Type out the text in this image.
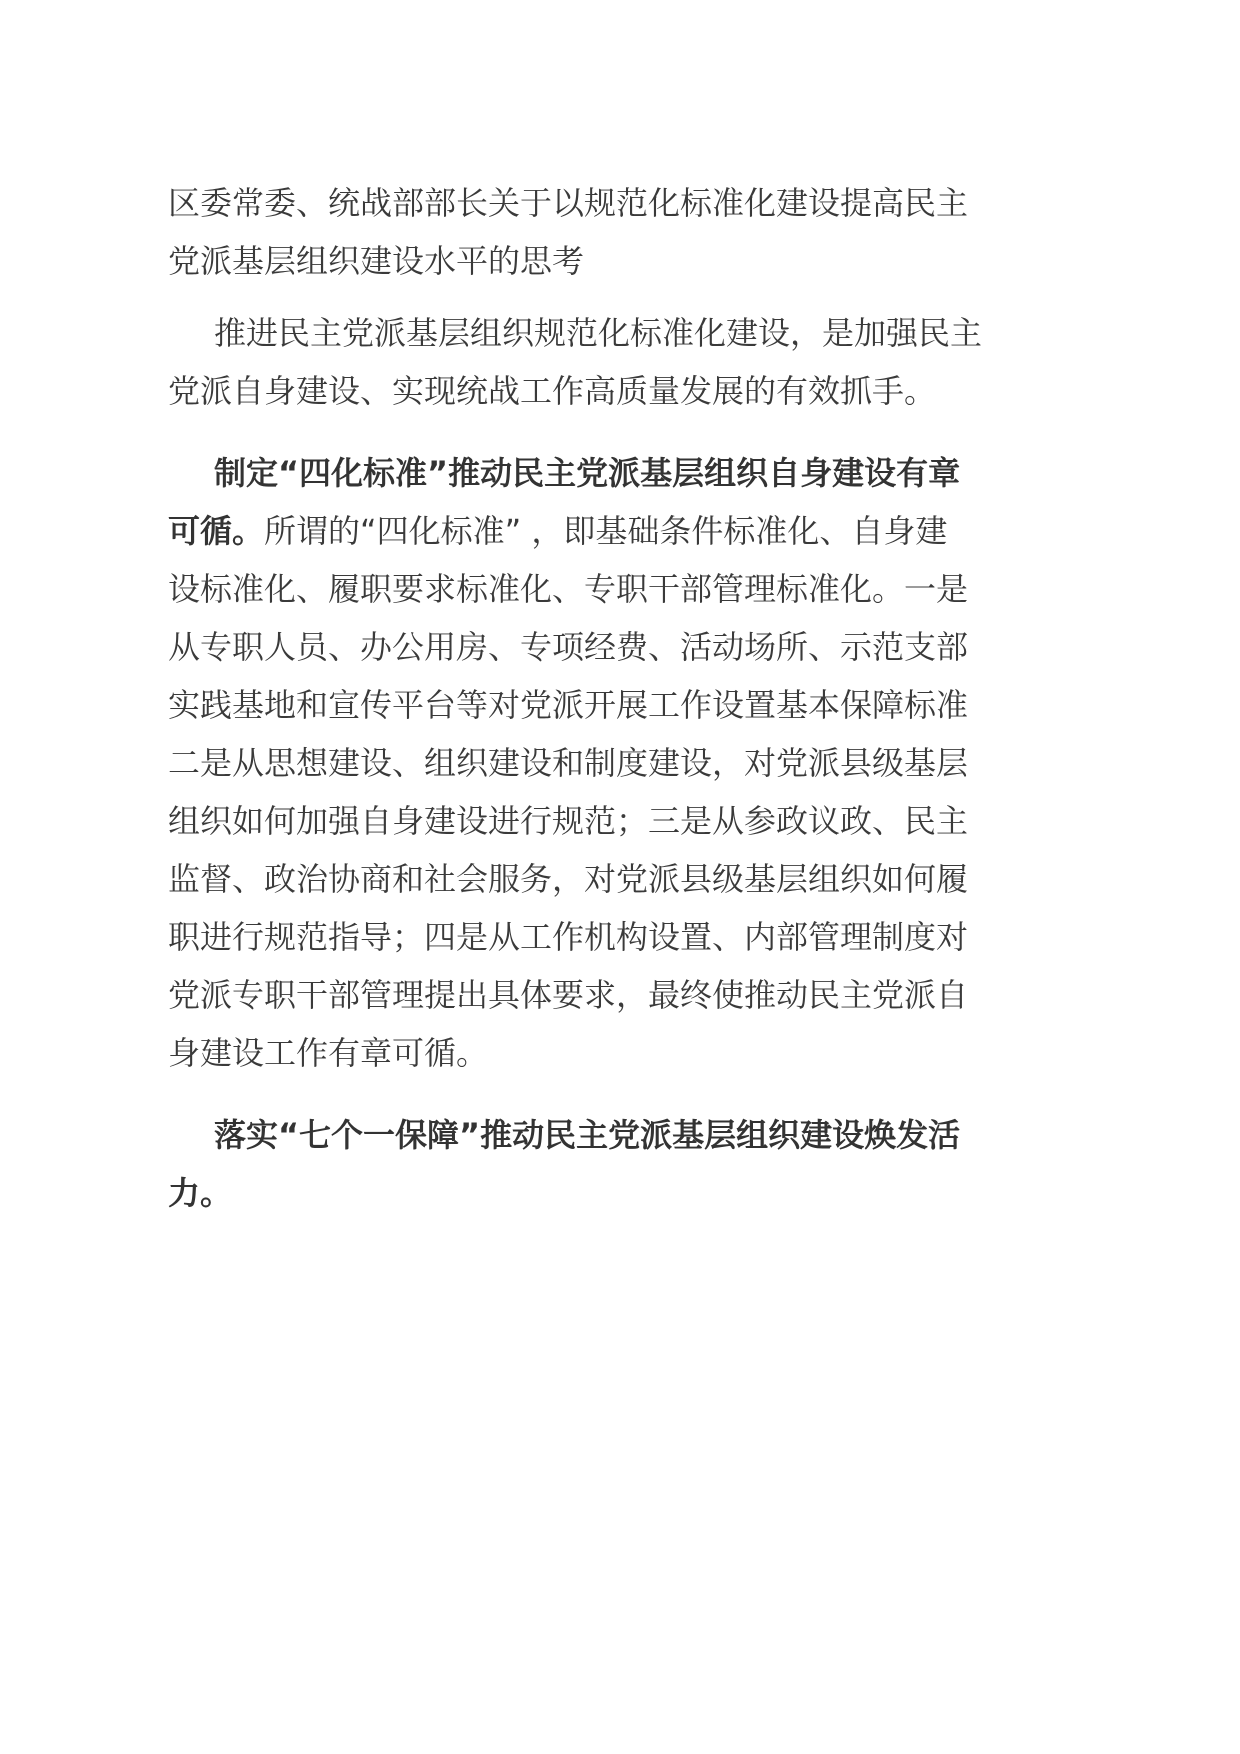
区委常委、统战部部长关于以规范化标准化建设提高民主
党派基层组织建设水平的思考
推进民主党派基层组织规范化标准化建设，是加强民主
党派自身建设、实现统战工作高质量发展的有效抓手。
制定“四化标准”推动民主党派基层组织自身建设有章
可循。所谓的“四化标准” ，即基础条件标准化、自身建
设标准化、履职要求标准化、专职干部管理标准化。一是
从专职人员、办公用房、专项经费、活动场所、示范支部
实践基地和宣传平台等对党派开展工作设置基本保障标准
二是从思想建设、组织建设和制度建设，对党派县级基层
组织如何加强自身建设进行规范；三是从参政议政、民主
监督、政治协商和社会服务，对党派县级基层组织如何履
职进行规范指导；四是从工作机构设置、内部管理制度对
党派专职干部管理提出具体要求，最终使推动民主党派自
身建设工作有章可循。
落实“七个一保障”推动民主党派基层组织建设焕发活
力。
